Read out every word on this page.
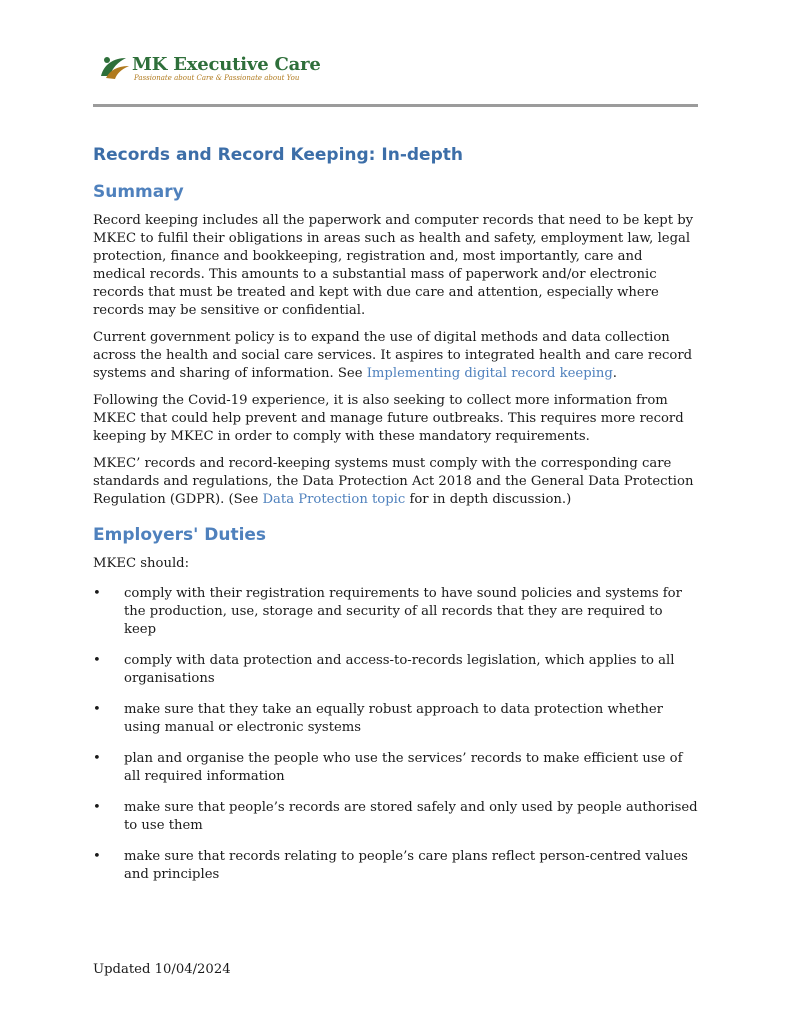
MK Executive Care
Passionate about Care & Passionate about You
Records and Record Keeping: In-depth
Summary

Record keeping includes all the paperwork and computer records that need to be kept by MKEC to fulfil their obligations in areas such as health and safety, employment law, legal protection, finance and bookkeeping, registration and, most importantly, care and medical records. This amounts to a substantial mass of paperwork and/or electronic records that must be treated and kept with due care and attention, especially where records may be sensitive or confidential.

Current government policy is to expand the use of digital methods and data collection across the health and social care services. It aspires to integrated health and care record systems and sharing of information. See Implementing digital record keeping.

Following the Covid-19 experience, it is also seeking to collect more information from MKEC that could help prevent and manage future outbreaks. This requires more record keeping by MKEC in order to comply with these mandatory requirements.

MKEC’ records and record-keeping systems must comply with the corresponding care standards and regulations, the Data Protection Act 2018 and the General Data Protection Regulation (GDPR). (See Data Protection topic for in depth discussion.)

Employers' Duties

MKEC should:

• comply with their registration requirements to have sound policies and systems for the production, use, storage and security of all records that they are required to keep
• comply with data protection and access-to-records legislation, which applies to all organisations
• make sure that they take an equally robust approach to data protection whether using manual or electronic systems
• plan and organise the people who use the services’ records to make efficient use of all required information
• make sure that people’s records are stored safely and only used by people authorised to use them
• make sure that records relating to people’s care plans reflect person-centred values and principles
Updated 10/04/2024
